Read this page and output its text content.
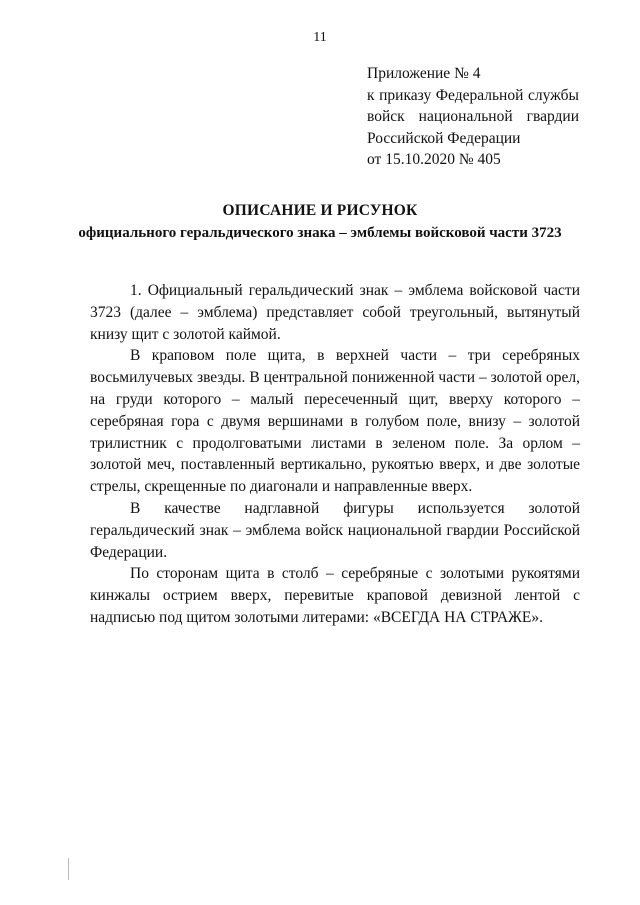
11
Приложение № 4
к приказу Федеральной службы
войск национальной гвардии
Российской Федерации
от 15.10.2020 № 405
ОПИСАНИЕ И РИСУНОК
официального геральдического знака – эмблемы войсковой части 3723

1. Официальный геральдический знак – эмблема войсковой части 3723 (далее – эмблема) представляет собой треугольный, вытянутый книзу щит с золотой каймой.

В краповом поле щита, в верхней части – три серебряных восьмилучевых звезды. В центральной пониженной части – золотой орел, на груди которого – малый пересеченный щит, вверху которого – серебряная гора с двумя вершинами в голубом поле, внизу – золотой трилистник с продолговатыми листами в зеленом поле. За орлом – золотой меч, поставленный вертикально, рукоятью вверх, и две золотые стрелы, скрещенные по диагонали и направленные вверх.

В качестве надглавной фигуры используется золотой геральдический знак – эмблема войск национальной гвардии Российской Федерации.

По сторонам щита в столб – серебряные с золотыми рукоятями кинжалы острием вверх, перевитые краповой девизной лентой с надписью под щитом золотыми литерами: «ВСЕГДА НА СТРАЖЕ».
